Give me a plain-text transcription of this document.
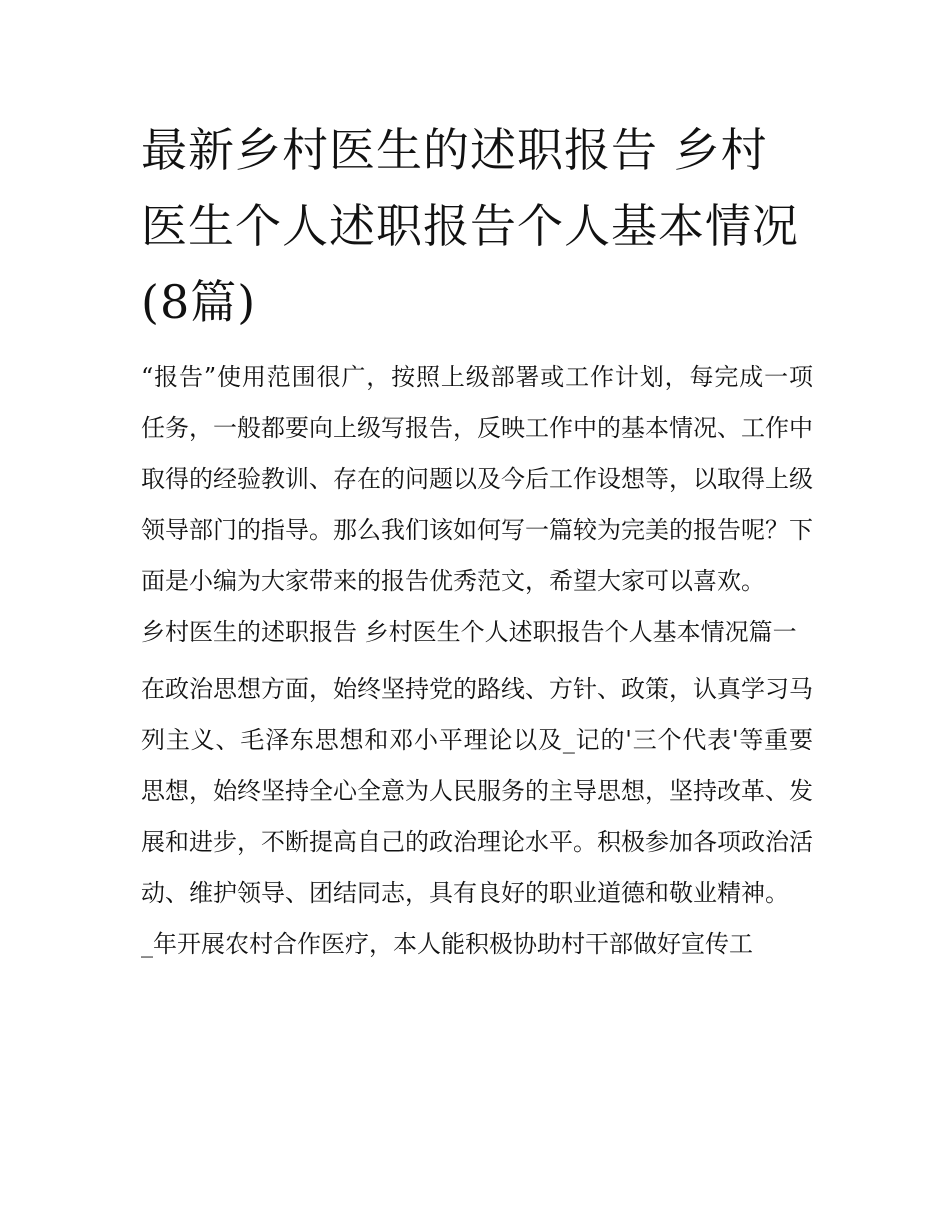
最新乡村医生的述职报告 乡村医生个人述职报告个人基本情况(8篇)

“报告”使用范围很广，按照上级部署或工作计划，每完成一项任务，一般都要向上级写报告，反映工作中的基本情况、工作中取得的经验教训、存在的问题以及今后工作设想等，以取得上级领导部门的指导。那么我们该如何写一篇较为完美的报告呢？下面是小编为大家带来的报告优秀范文，希望大家可以喜欢。

乡村医生的述职报告 乡村医生个人述职报告个人基本情况篇一

在政治思想方面，始终坚持党的路线、方针、政策，认真学习马列主义、毛泽东思想和邓小平理论以及_记的'三个代表'等重要思想，始终坚持全心全意为人民服务的主导思想，坚持改革、发展和进步，不断提高自己的政治理论水平。积极参加各项政治活动、维护领导、团结同志，具有良好的职业道德和敬业精神。

_年开展农村合作医疗，本人能积极协助村干部做好宣传工
